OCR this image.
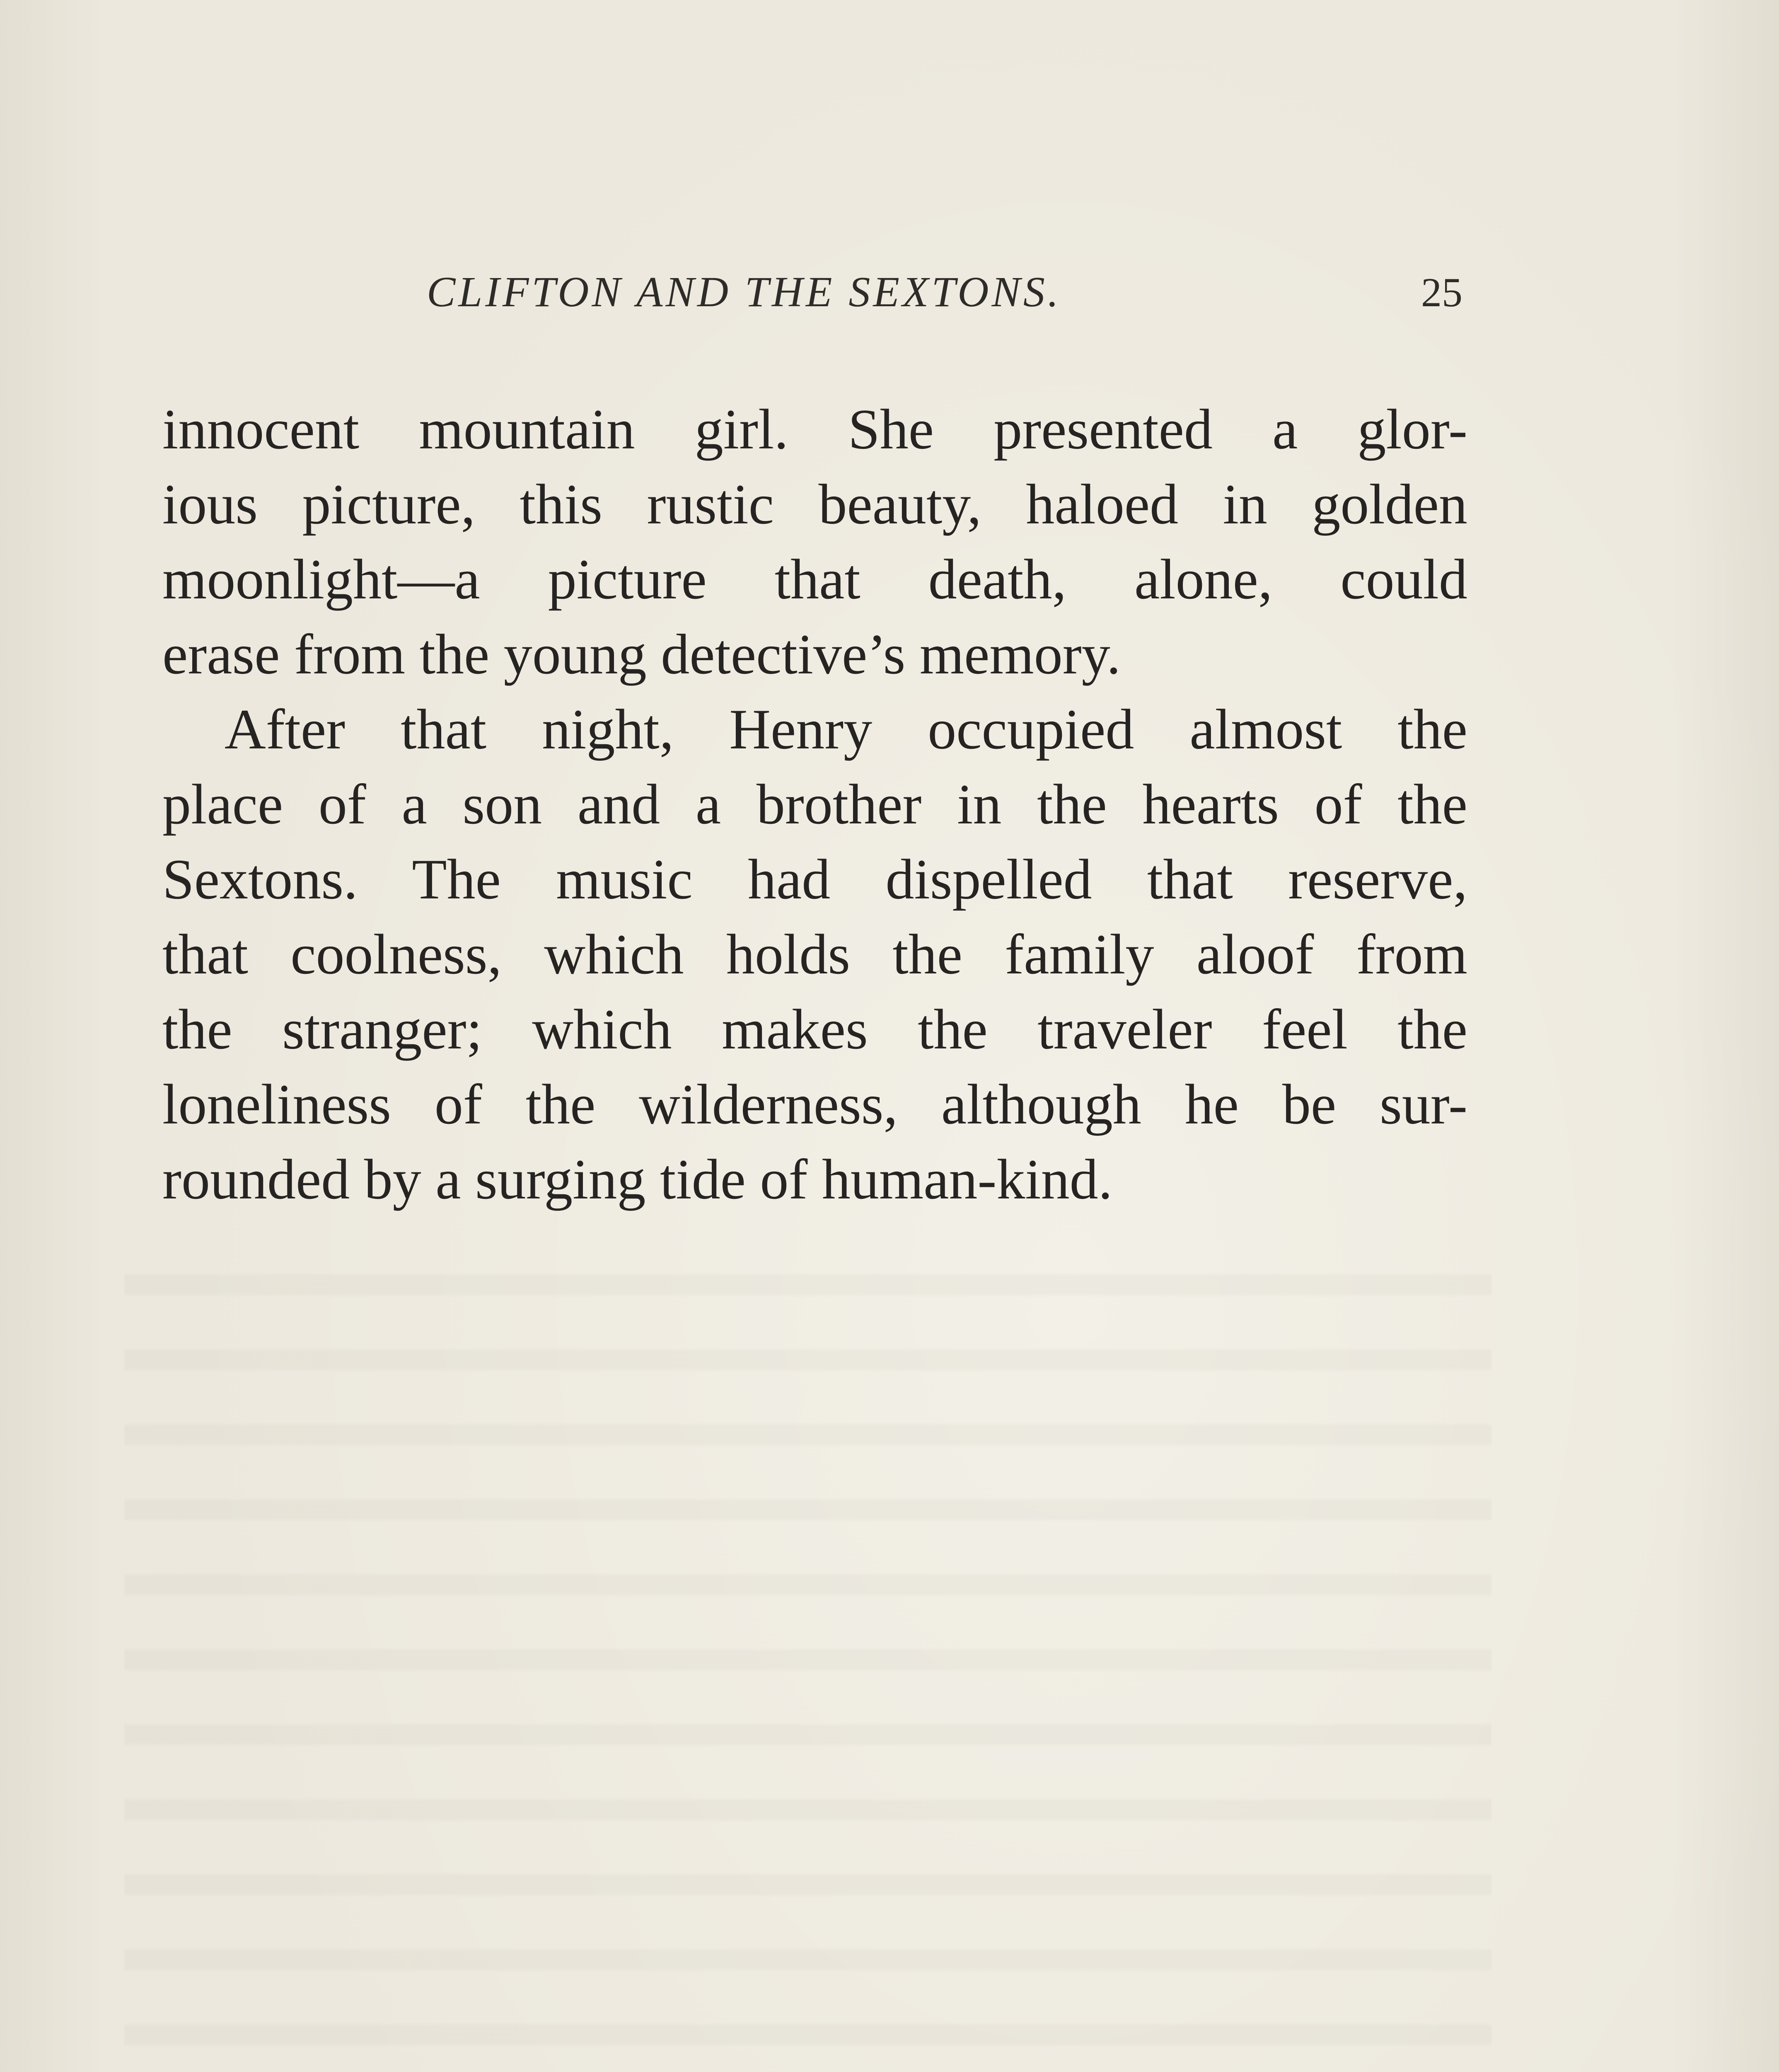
CLIFTON AND THE SEXTONS.	25
innocent mountain girl. She presented a glor-
ious picture, this rustic beauty, haloed in golden
moonlight—a picture that death, alone, could
erase from the young detective’s memory.
After that night, Henry occupied almost the
place of a son and a brother in the hearts of the
Sextons. The music had dispelled that reserve,
that coolness, which holds the family aloof from
the stranger; which makes the traveler feel the
loneliness of the wilderness, although he be sur-
rounded by a surging tide of human-kind.
